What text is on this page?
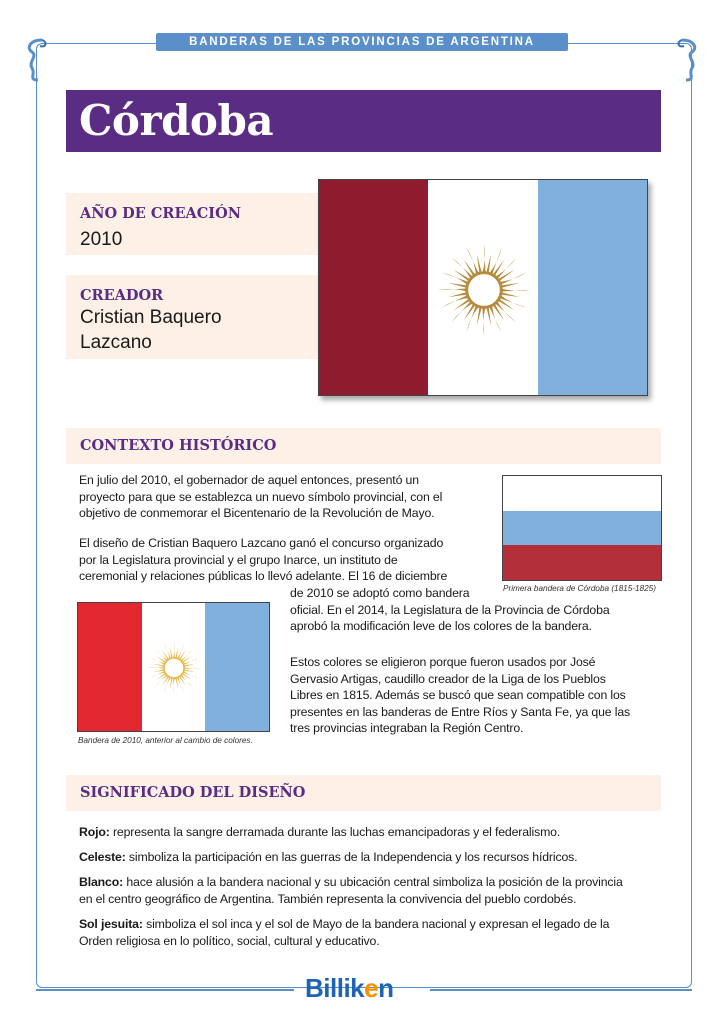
BANDERAS DE LAS PROVINCIAS DE ARGENTINA
Córdoba
AÑO DE CREACIÓN
2010
CREADOR
Cristian Baquero
Lazcano
CONTEXTO HISTÓRICO
En julio del 2010, el gobernador de aquel entonces, presentó un
proyecto para que se establezca un nuevo símbolo provincial, con el
objetivo de conmemorar el Bicentenario de la Revolución de Mayo.
El diseño de Cristian Baquero Lazcano ganó el concurso organizado
por la Legislatura provincial y el grupo Inarce, un instituto de
ceremonial y relaciones públicas lo llevó adelante. El 16 de diciembre
de 2010 se adoptó como bandera
oficial. En el 2014, la Legislatura de la Provincia de Córdoba
aprobó la modificación leve de los colores de la bandera.
Estos colores se eligieron porque fueron usados por José
Gervasio Artigas, caudillo creador de la Liga de los Pueblos
Libres en 1815. Además se buscó que sean compatible con los
presentes en las banderas de Entre Ríos y Santa Fe, ya que las
tres provincias integraban la Región Centro.
Primera bandera de Córdoba (1815-1825)
Bandera de 2010, anterior al cambio de colores.
SIGNIFICADO DEL DISEÑO
Rojo: representa la sangre derramada durante las luchas emancipadoras y el federalismo.
Celeste: simboliza la participación en las guerras de la Independencia y los recursos hídricos.
Blanco: hace alusión a la bandera nacional y su ubicación central simboliza la posición de la provincia
en el centro geográfico de Argentina. También representa la convivencia del pueblo cordobés.
Sol jesuita: simboliza el sol inca y el sol de Mayo de la bandera nacional y expresan el legado de la
Orden religiosa en lo político, social, cultural y educativo.
Billiken
